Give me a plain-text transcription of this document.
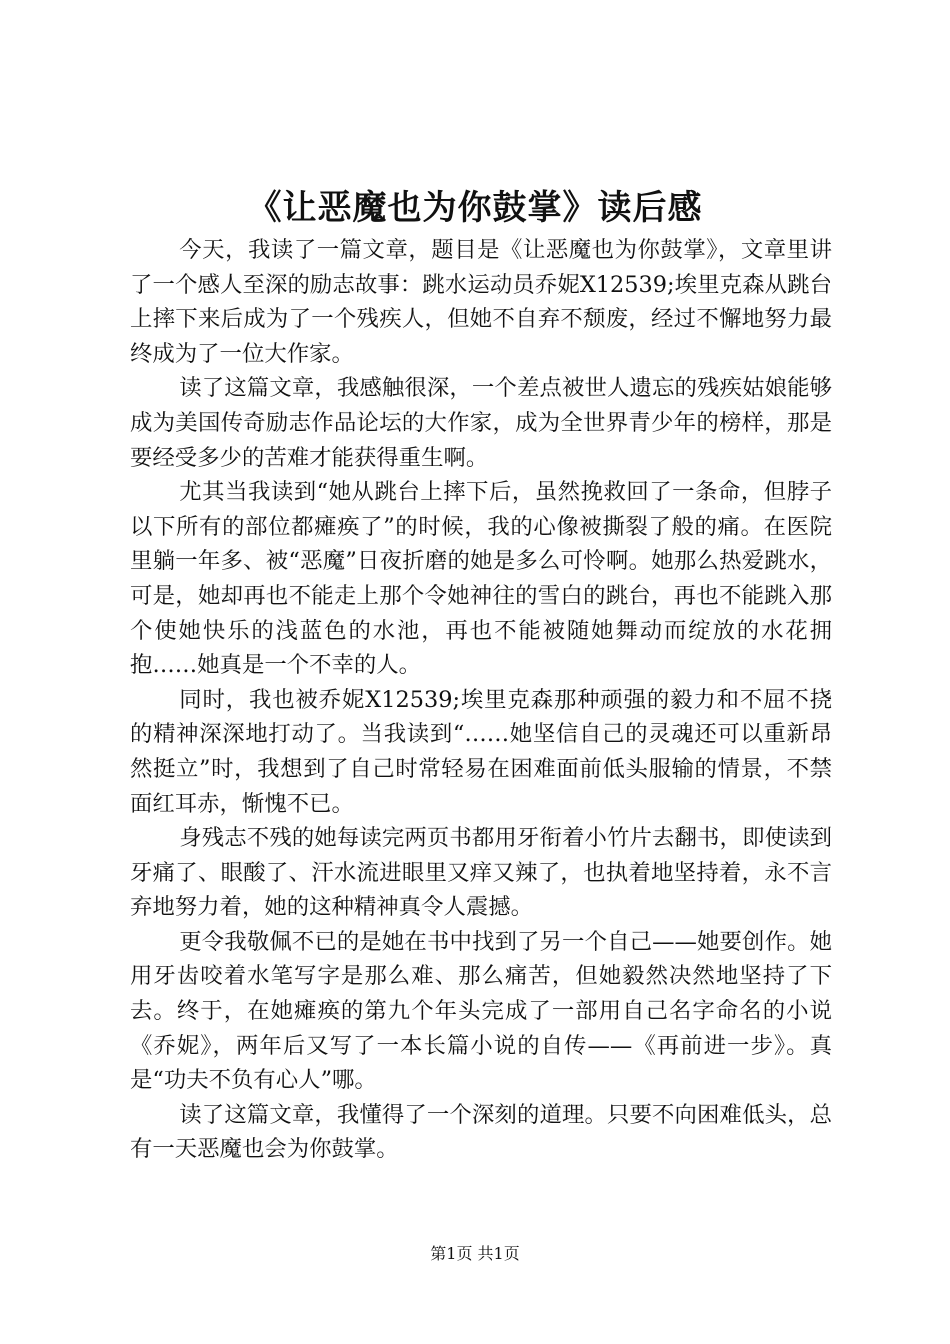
《让恶魔也为你鼓掌》读后感

今天，我读了一篇文章，题目是《让恶魔也为你鼓掌》，文章里讲了一个感人至深的励志故事：跳水运动员乔妮X12539;埃里克森从跳台上摔下来后成为了一个残疾人，但她不自弃不颓废，经过不懈地努力最终成为了一位大作家。

读了这篇文章，我感触很深，一个差点被世人遗忘的残疾姑娘能够成为美国传奇励志作品论坛的大作家，成为全世界青少年的榜样，那是要经受多少的苦难才能获得重生啊。

尤其当我读到“她从跳台上摔下后，虽然挽救回了一条命，但脖子以下所有的部位都瘫痪了”的时候，我的心像被撕裂了般的痛。在医院里躺一年多、被“恶魔”日夜折磨的她是多么可怜啊。她那么热爱跳水，可是，她却再也不能走上那个令她神往的雪白的跳台，再也不能跳入那个使她快乐的浅蓝色的水池，再也不能被随她舞动而绽放的水花拥抱……她真是一个不幸的人。

同时，我也被乔妮X12539;埃里克森那种顽强的毅力和不屈不挠的精神深深地打动了。当我读到“……她坚信自己的灵魂还可以重新昂然挺立”时，我想到了自己时常轻易在困难面前低头服输的情景，不禁面红耳赤，惭愧不已。

身残志不残的她每读完两页书都用牙衔着小竹片去翻书，即使读到牙痛了、眼酸了、汗水流进眼里又痒又辣了，也执着地坚持着，永不言弃地努力着，她的这种精神真令人震撼。

更令我敬佩不已的是她在书中找到了另一个自己——她要创作。她用牙齿咬着水笔写字是那么难、那么痛苦，但她毅然决然地坚持了下去。终于，在她瘫痪的第九个年头完成了一部用自己名字命名的小说《乔妮》，两年后又写了一本长篇小说的自传——《再前进一步》。真是“功夫不负有心人”哪。

读了这篇文章，我懂得了一个深刻的道理。只要不向困难低头，总有一天恶魔也会为你鼓掌。

第1页 共1页
